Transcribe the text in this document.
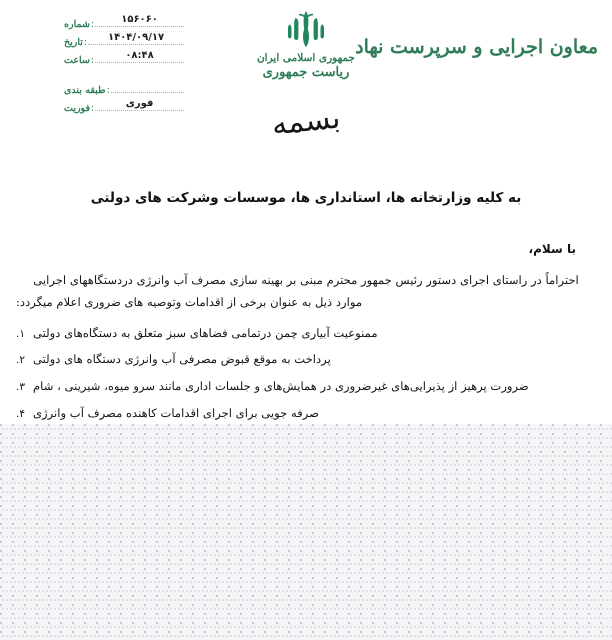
معاون اجرایی و سرپرست نهاد
جمهوری اسلامی ایران
ریاست جمهوری
بسمه
شماره :	۱۵۶۰۶۰
تاریخ :	۱۴۰۴/۰۹/۱۷
ساعت :	۰۸:۴۸
طبقه بندی :
فوریت :	فوری
به کلیه وزارتخانه ها، استانداری ها، موسسات وشرکت های دولتی
با سلام،
احتراماً در راستای اجرای دستور رئیس جمهور محترم مبنی بر بهینه سازی مصرف آب وانرژی دردستگاههای اجرایی
موارد ذیل به عنوان برخی از اقدامات وتوصیه های ضروری اعلام میگردد:
ممنوعیت آبیاری چمن درتمامی فضاهای سبز متعلق به دستگاه‌های دولتی
۱.
پرداخت به موقع قبوض مصرفی آب وانرژی دستگاه های دولتی
۲.
ضرورت پرهیز از پذیرایی‌های غیرضروری در همایش‌های و جلسات اداری مانند سرو میوه، شیرینی ، شام
۳.
صرفه جویی برای اجرای اقدامات کاهنده مصرف آب وانرژی
۴.
